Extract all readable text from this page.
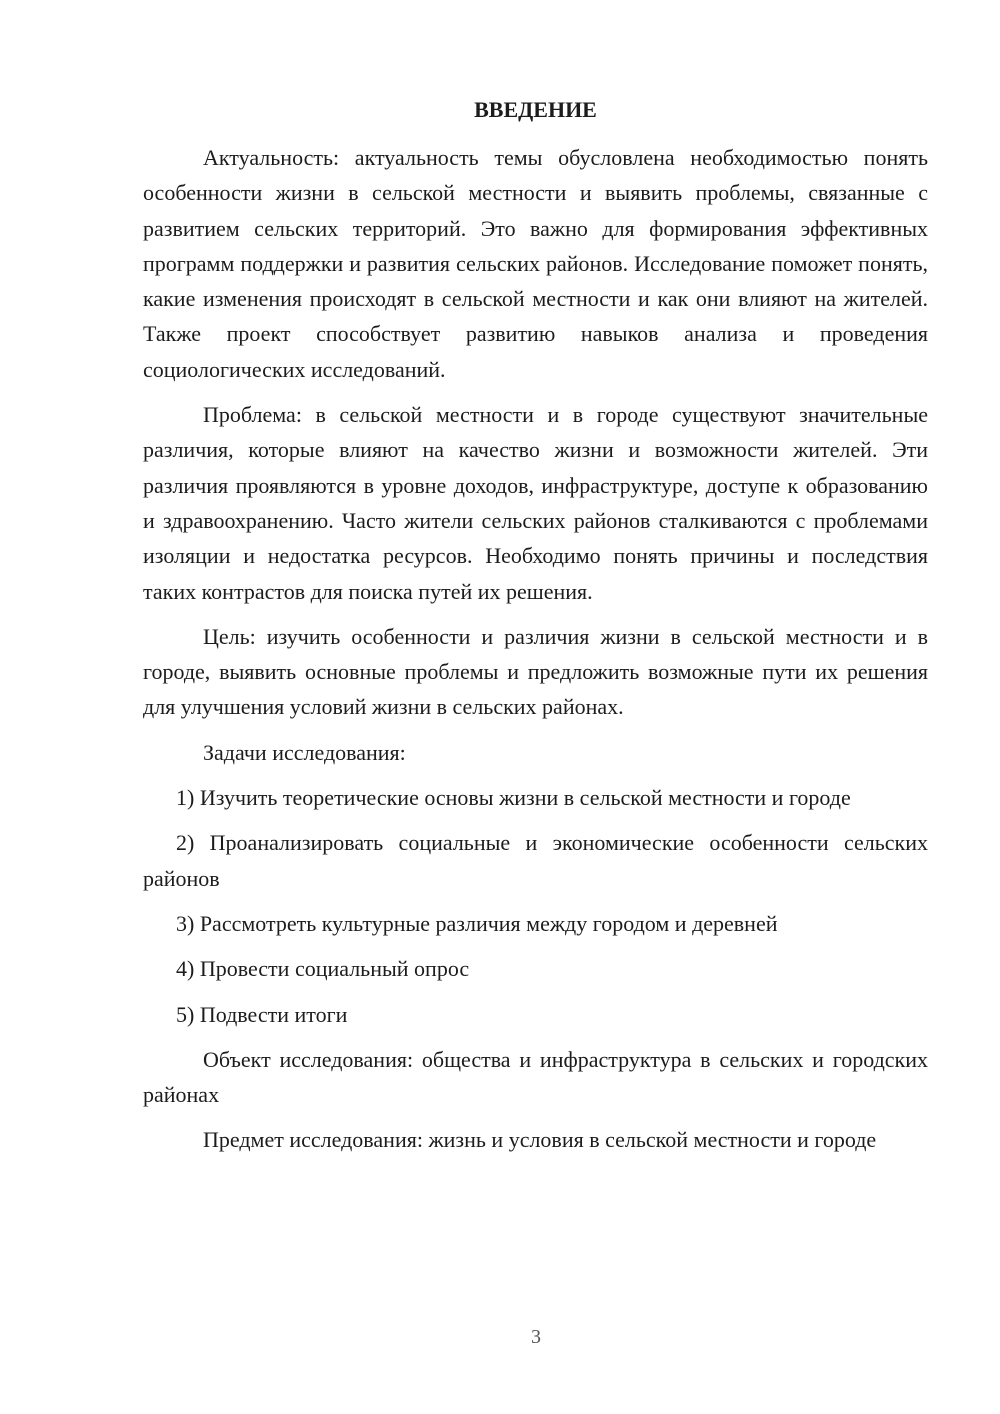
ВВЕДЕНИЕ

Актуальность: актуальность темы обусловлена необходимостью понять особенности жизни в сельской местности и выявить проблемы, связанные с развитием сельских территорий. Это важно для формирования эффективных программ поддержки и развития сельских районов. Исследование поможет понять, какие изменения происходят в сельской местности и как они влияют на жителей. Также проект способствует развитию навыков анализа и проведения социологических исследований.

Проблема: в сельской местности и в городе существуют значительные различия, которые влияют на качество жизни и возможности жителей. Эти различия проявляются в уровне доходов, инфраструктуре, доступе к образованию и здравоохранению. Часто жители сельских районов сталкиваются с проблемами изоляции и недостатка ресурсов. Необходимо понять причины и последствия таких контрастов для поиска путей их решения.

Цель: изучить особенности и различия жизни в сельской местности и в городе, выявить основные проблемы и предложить возможные пути их решения для улучшения условий жизни в сельских районах.

Задачи исследования:

1) Изучить теоретические основы жизни в сельской местности и городе

2) Проанализировать социальные и экономические особенности сельских районов

3) Рассмотреть культурные различия между городом и деревней

4) Провести социальный опрос

5) Подвести итоги

Объект исследования: общества и инфраструктура в сельских и городских районах

Предмет исследования: жизнь и условия в сельской местности и городе

3
